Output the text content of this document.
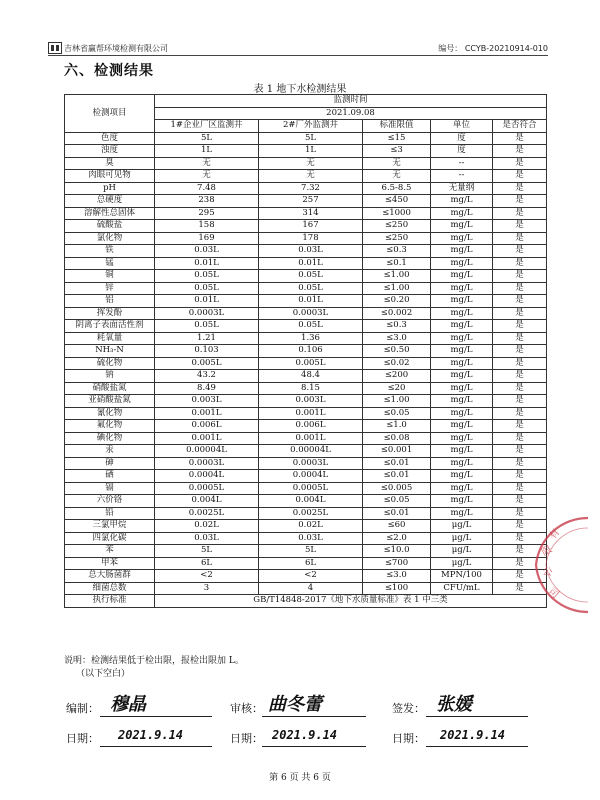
吉林省赢帮环境检测有限公司	编号： CCYB-20210914-010
六、检测结果
表 1 地下水检测结果
检测项目	监测时间				
	2021.09.08				
	1#企业厂区监测井	2#厂外监测井	标准限值	单位	是否符合
色度	5L	5L	≤15	度	是
浊度	1L	1L	≤3	度	是
臭	无	无	无	--	是
肉眼可见物	无	无	无	--	是
pH	7.48	7.32	6.5-8.5	无量纲	是
总硬度	238	257	≤450	mg/L	是
溶解性总固体	295	314	≤1000	mg/L	是
硫酸盐	158	167	≤250	mg/L	是
氯化物	169	178	≤250	mg/L	是
铁	0.03L	0.03L	≤0.3	mg/L	是
锰	0.01L	0.01L	≤0.1	mg/L	是
铜	0.05L	0.05L	≤1.00	mg/L	是
锌	0.05L	0.05L	≤1.00	mg/L	是
铝	0.01L	0.01L	≤0.20	mg/L	是
挥发酚	0.0003L	0.0003L	≤0.002	mg/L	是
阴离子表面活性剂	0.05L	0.05L	≤0.3	mg/L	是
耗氧量	1.21	1.36	≤3.0	mg/L	是
NH₃-N	0.103	0.106	≤0.50	mg/L	是
硫化物	0.005L	0.005L	≤0.02	mg/L	是
钠	43.2	48.4	≤200	mg/L	是
硝酸盐氮	8.49	8.15	≤20	mg/L	是
亚硝酸盐氮	0.003L	0.003L	≤1.00	mg/L	是
氰化物	0.001L	0.001L	≤0.05	mg/L	是
氟化物	0.006L	0.006L	≤1.0	mg/L	是
碘化物	0.001L	0.001L	≤0.08	mg/L	是
汞	0.00004L	0.00004L	≤0.001	mg/L	是
砷	0.0003L	0.0003L	≤0.01	mg/L	是
硒	0.0004L	0.0004L	≤0.01	mg/L	是
镉	0.0005L	0.0005L	≤0.005	mg/L	是
六价铬	0.004L	0.004L	≤0.05	mg/L	是
铅	0.0025L	0.0025L	≤0.01	mg/L	是
三氯甲烷	0.02L	0.02L	≤60	μg/L	是
四氯化碳	0.03L	0.03L	≤2.0	μg/L	是
苯	5L	5L	≤10.0	μg/L	是
甲苯	6L	6L	≤700	μg/L	是
总大肠菌群	<2	<2	≤3.0	MPN/100	是
细菌总数	3	4	≤100	CFU/mL	是
执行标准	GB/T14848-2017《地下水质量标准》表 1 中三类				
说明：检测结果低于检出限，报检出限加 L。
（以下空白）
编制： 穆晶	审核： 曲冬蕾	签发： 张媛
日期： 2021.9.14	日期： 2021.9.14	日期： 2021.9.14
第 6 页 共 6 页
有
限
公
司
